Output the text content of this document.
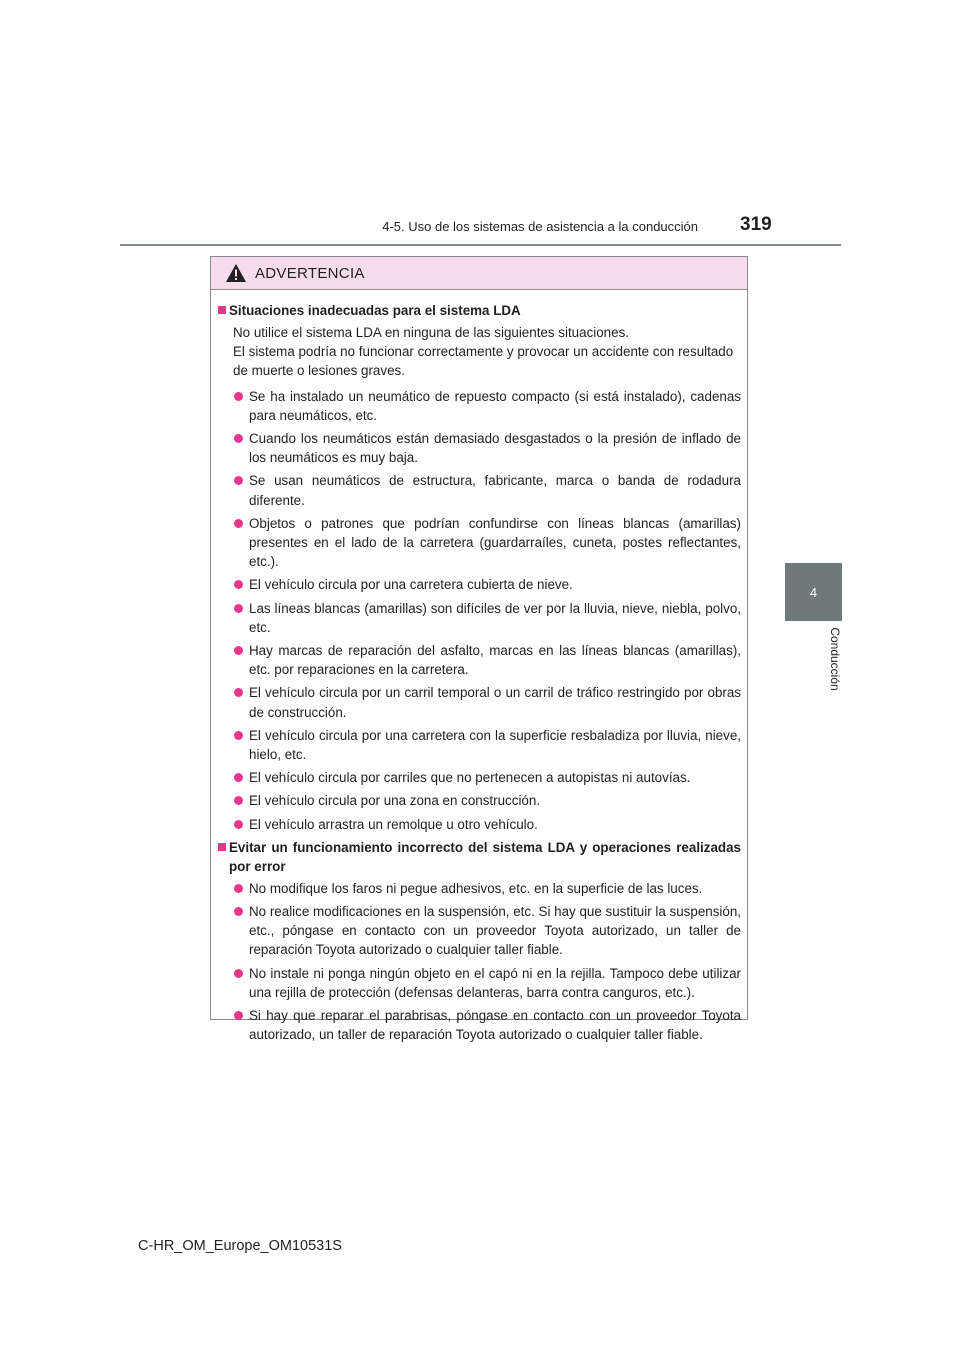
4-5. Uso de los sistemas de asistencia a la conducción 319
4
Conducción
ADVERTENCIA
Situaciones inadecuadas para el sistema LDA
No utilice el sistema LDA en ninguna de las siguientes situaciones.
El sistema podría no funcionar correctamente y provocar un accidente con resultado de muerte o lesiones graves.
Se ha instalado un neumático de repuesto compacto (si está instalado), cadenas para neumáticos, etc.
Cuando los neumáticos están demasiado desgastados o la presión de inflado de los neumáticos es muy baja.
Se usan neumáticos de estructura, fabricante, marca o banda de rodadura diferente.
Objetos o patrones que podrían confundirse con líneas blancas (amarillas) presentes en el lado de la carretera (guardarraíles, cuneta, postes reflectantes, etc.).
El vehículo circula por una carretera cubierta de nieve.
Las líneas blancas (amarillas) son difíciles de ver por la lluvia, nieve, niebla, polvo, etc.
Hay marcas de reparación del asfalto, marcas en las líneas blancas (amarillas), etc. por reparaciones en la carretera.
El vehículo circula por un carril temporal o un carril de tráfico restringido por obras de construcción.
El vehículo circula por una carretera con la superficie resbaladiza por lluvia, nieve, hielo, etc.
El vehículo circula por carriles que no pertenecen a autopistas ni autovías.
El vehículo circula por una zona en construcción.
El vehículo arrastra un remolque u otro vehículo.
Evitar un funcionamiento incorrecto del sistema LDA y operaciones realizadas por error
No modifique los faros ni pegue adhesivos, etc. en la superficie de las luces.
No realice modificaciones en la suspensión, etc. Si hay que sustituir la suspensión, etc., póngase en contacto con un proveedor Toyota autorizado, un taller de reparación Toyota autorizado o cualquier taller fiable.
No instale ni ponga ningún objeto en el capó ni en la rejilla. Tampoco debe utilizar una rejilla de protección (defensas delanteras, barra contra canguros, etc.).
Si hay que reparar el parabrisas, póngase en contacto con un proveedor Toyota autorizado, un taller de reparación Toyota autorizado o cualquier taller fiable.
C-HR_OM_Europe_OM10531S
